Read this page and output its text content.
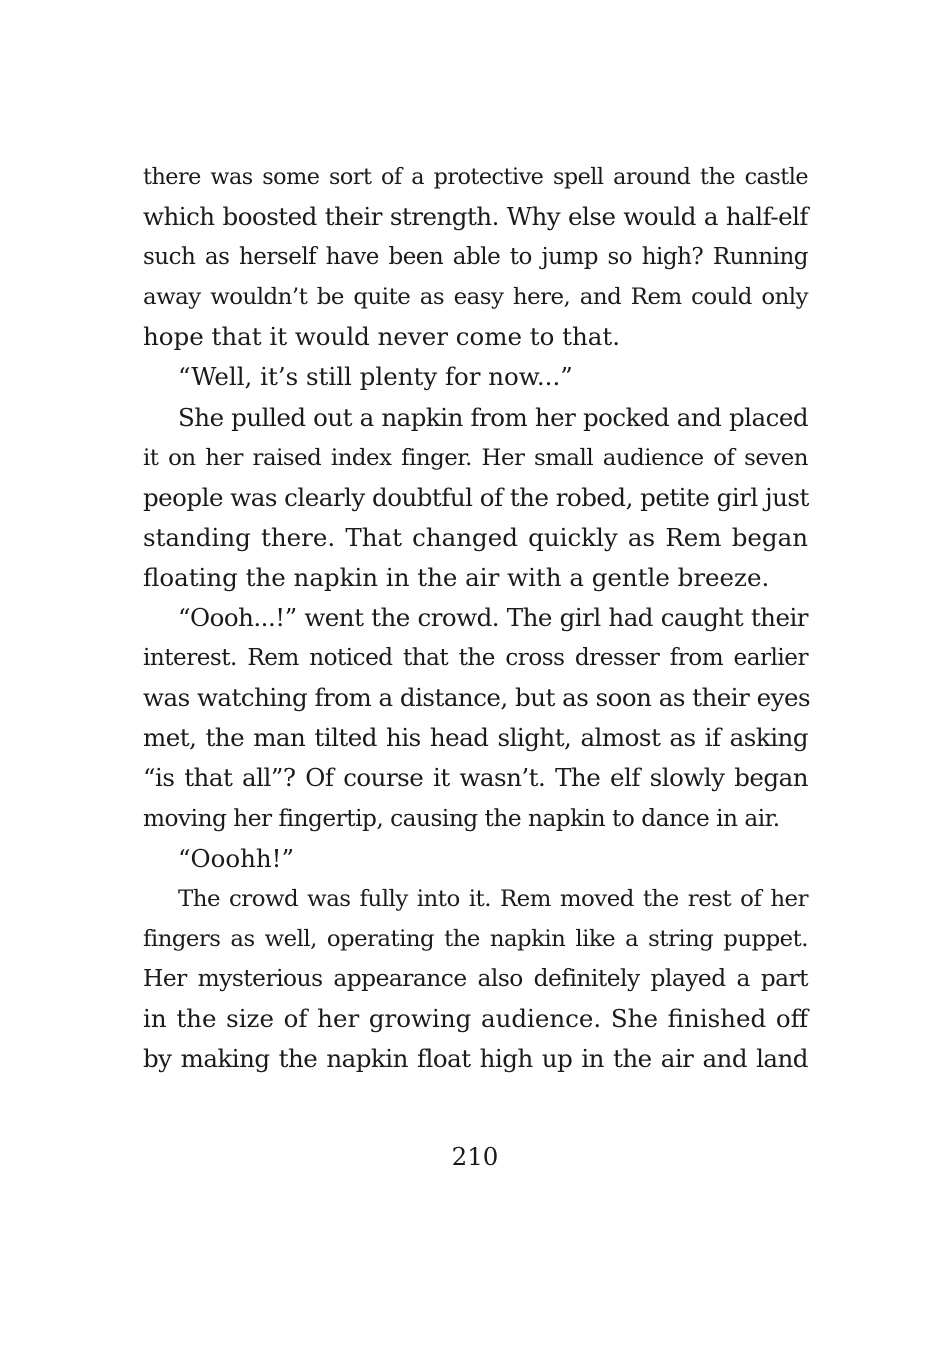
there was some sort of a protective spell around the castle
which boosted their strength. Why else would a half-elf
such as herself have been able to jump so high? Running
away wouldn’t be quite as easy here, and Rem could only
hope that it would never come to that.
“Well, it’s still plenty for now...”
She pulled out a napkin from her pocked and placed
it on her raised index finger. Her small audience of seven
people was clearly doubtful of the robed, petite girl just
standing there. That changed quickly as Rem began
floating the napkin in the air with a gentle breeze.
“Oooh...!” went the crowd. The girl had caught their
interest. Rem noticed that the cross dresser from earlier
was watching from a distance, but as soon as their eyes
met, the man tilted his head slight, almost as if asking
“is that all”? Of course it wasn’t. The elf slowly began
moving her fingertip, causing the napkin to dance in air.
“Ooohh!”
The crowd was fully into it. Rem moved the rest of her
fingers as well, operating the napkin like a string puppet.
Her mysterious appearance also definitely played a part
in the size of her growing audience. She finished off
by making the napkin float high up in the air and land
210
